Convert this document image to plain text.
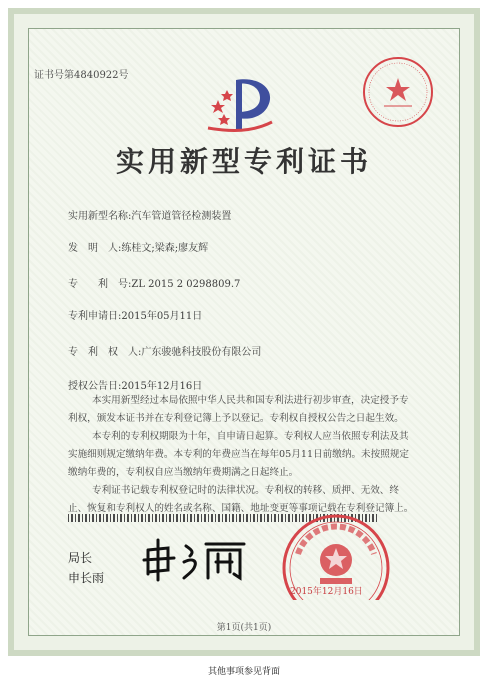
证书号第4840922号
实用新型专利证书
实用新型名称:汽车管道管径检测装置
发　明　人:练桂文;梁森;廖友辉
专　　利　号:ZL 2015 2 0298809.7
专利申请日:2015年05月11日
专　利　权　人:广东骏驰科技股份有限公司
授权公告日:2015年12月16日

本实用新型经过本局依照中华人民共和国专利法进行初步审查，决定授予专利权，颁发本证书并在专利登记簿上予以登记。专利权自授权公告之日起生效。

本专利的专利权期限为十年，自申请日起算。专利权人应当依照专利法及其实施细则规定缴纳年费。本专利的年费应当在每年05月11日前缴纳。未按照规定缴纳年费的，专利权自应当缴纳年费期满之日起终止。

专利证书记载专利权登记时的法律状况。专利权的转移、质押、无效、终止、恢复和专利权人的姓名或名称、国籍、地址变更等事项记载在专利登记簿上。

局长
申长雨
2015年12月16日
第1页(共1页)
其他事项参见背面
